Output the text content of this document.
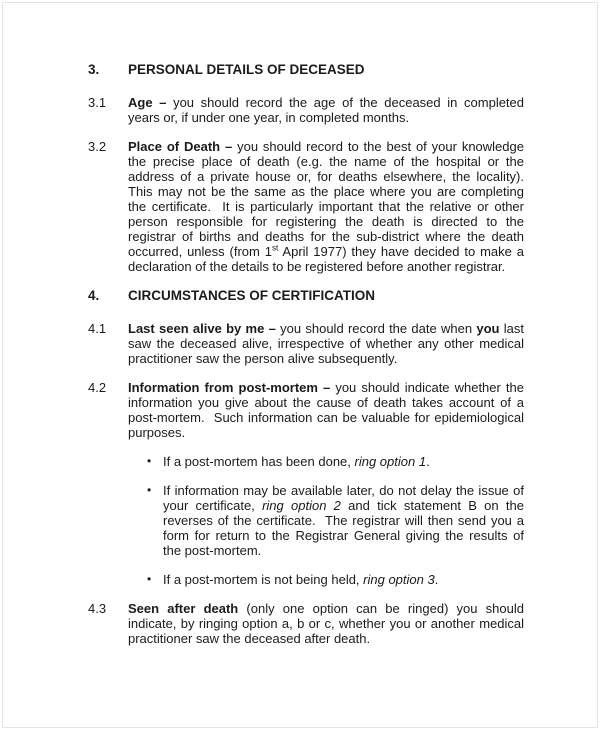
3.	PERSONAL DETAILS OF DECEASED
3.1	Age – you should record the age of the deceased in completed years or, if under one year, in completed months.

3.2	Place of Death – you should record to the best of your knowledge the precise place of death (e.g. the name of the hospital or the address of a private house or, for deaths elsewhere, the locality).  This may not be the same as the place where you are completing the certificate.  It is particularly important that the relative or other person responsible for registering the death is directed to the registrar of births and deaths for the sub-district where the death occurred, unless (from 1st April 1977) they have decided to make a declaration of the details to be registered before another registrar.

4.	CIRCUMSTANCES OF CERTIFICATION
4.1	Last seen alive by me – you should record the date when you last saw the deceased alive, irrespective of whether any other medical practitioner saw the person alive subsequently.

4.2	Information from post-mortem – you should indicate whether the information you give about the cause of death takes account of a post-mortem.  Such information can be valuable for epidemiological purposes.

• If a post-mortem has been done, ring option 1.

• If information may be available later, do not delay the issue of your certificate, ring option 2 and tick statement B on the reverses of the certificate.  The registrar will then send you a form for return to the Registrar General giving the results of the post-mortem.

• If a post-mortem is not being held, ring option 3.

4.3	Seen after death (only one option can be ringed) you should indicate, by ringing option a, b or c, whether you or another medical practitioner saw the deceased after death.
